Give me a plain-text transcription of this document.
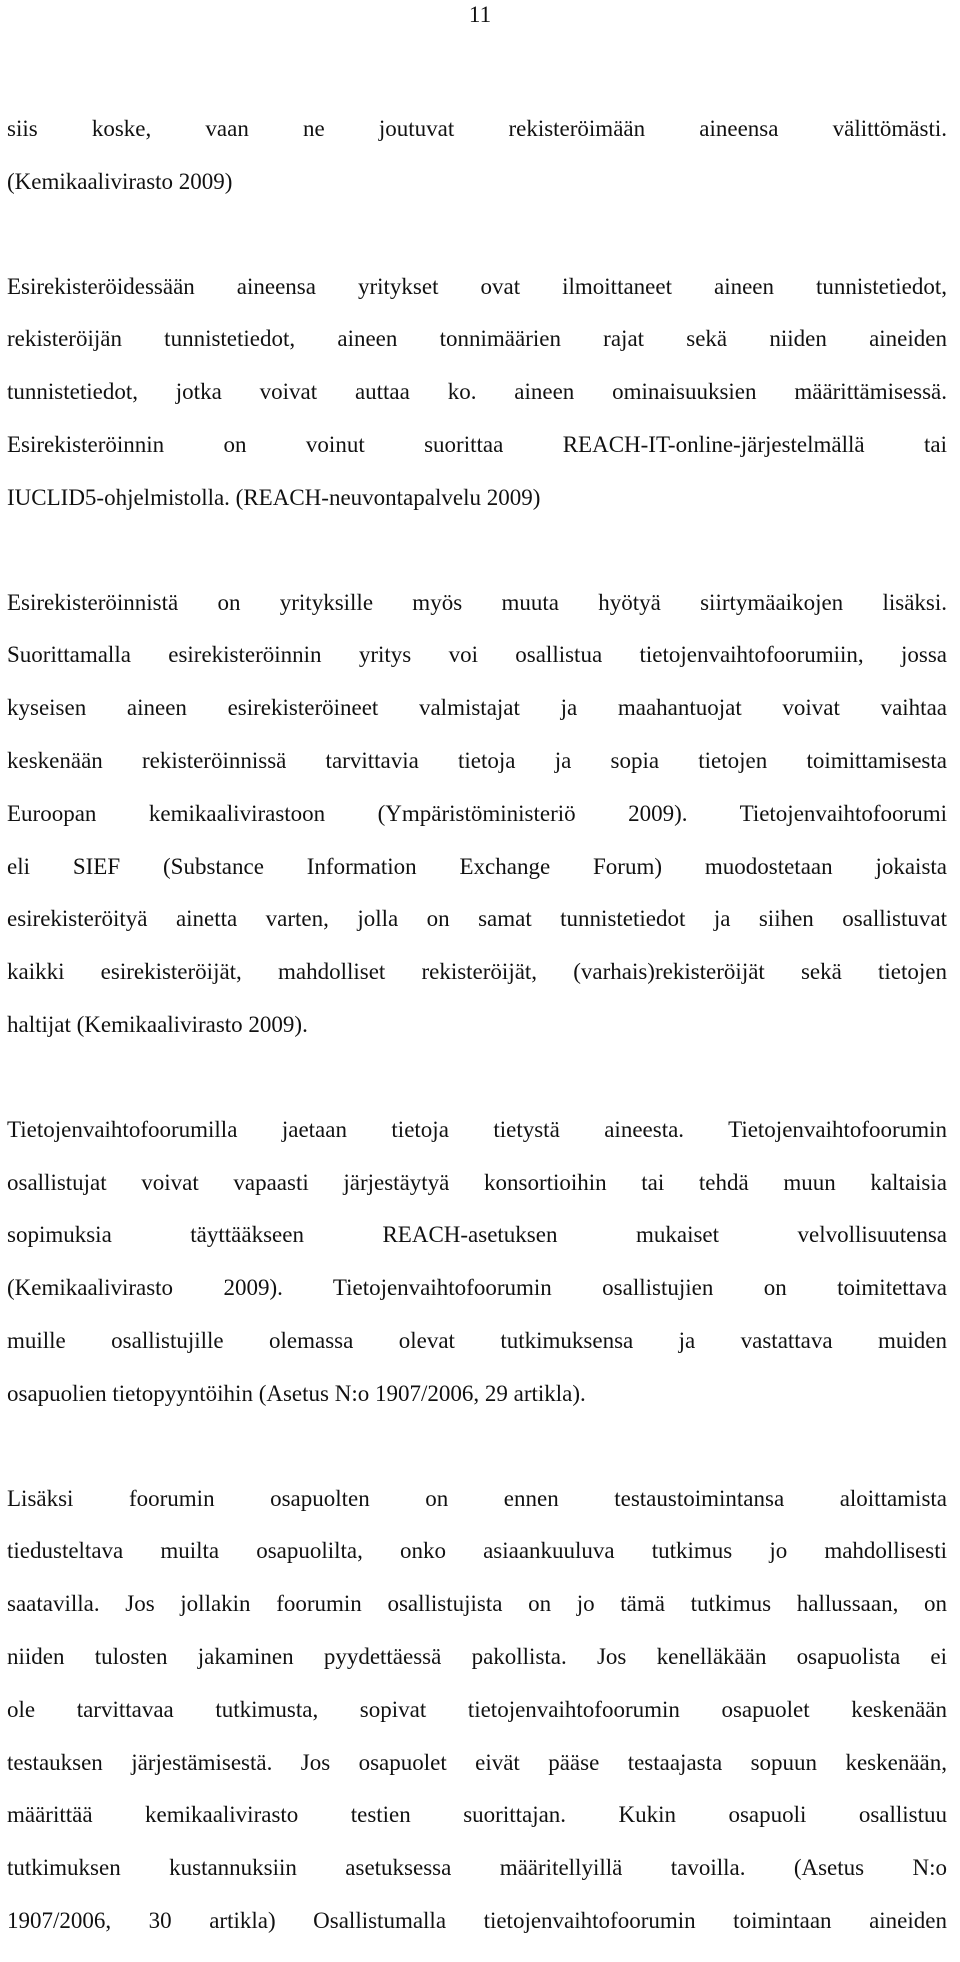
11
siis koske, vaan ne joutuvat rekisteröimään aineensa välittömästi.
(Kemikaalivirasto 2009)
Esirekisteröidessään aineensa yritykset ovat ilmoittaneet aineen tunnistetiedot,
rekisteröijän tunnistetiedot, aineen tonnimäärien rajat sekä niiden aineiden
tunnistetiedot, jotka voivat auttaa ko. aineen ominaisuuksien määrittämisessä.
Esirekisteröinnin on voinut suorittaa REACH-IT-online-järjestelmällä tai
IUCLID5-ohjelmistolla. (REACH-neuvontapalvelu 2009)
Esirekisteröinnistä on yrityksille myös muuta hyötyä siirtymäaikojen lisäksi.
Suorittamalla esirekisteröinnin yritys voi osallistua tietojenvaihtofoorumiin, jossa
kyseisen aineen esirekisteröineet valmistajat ja maahantuojat voivat vaihtaa
keskenään rekisteröinnissä tarvittavia tietoja ja sopia tietojen toimittamisesta
Euroopan kemikaalivirastoon (Ympäristöministeriö 2009). Tietojenvaihtofoorumi
eli SIEF (Substance Information Exchange Forum) muodostetaan jokaista
esirekisteröityä ainetta varten, jolla on samat tunnistetiedot ja siihen osallistuvat
kaikki esirekisteröijät, mahdolliset rekisteröijät, (varhais)rekisteröijät sekä tietojen
haltijat (Kemikaalivirasto 2009).
Tietojenvaihtofoorumilla jaetaan tietoja tietystä aineesta. Tietojenvaihtofoorumin
osallistujat voivat vapaasti järjestäytyä konsortioihin tai tehdä muun kaltaisia
sopimuksia täyttääkseen REACH-asetuksen mukaiset velvollisuutensa
(Kemikaalivirasto 2009). Tietojenvaihtofoorumin osallistujien on toimitettava
muille osallistujille olemassa olevat tutkimuksensa ja vastattava muiden
osapuolien tietopyyntöihin (Asetus N:o 1907/2006, 29 artikla).
Lisäksi foorumin osapuolten on ennen testaustoimintansa aloittamista
tiedusteltava muilta osapuolilta, onko asiaankuuluva tutkimus jo mahdollisesti
saatavilla. Jos jollakin foorumin osallistujista on jo tämä tutkimus hallussaan, on
niiden tulosten jakaminen pyydettäessä pakollista. Jos kenelläkään osapuolista ei
ole tarvittavaa tutkimusta, sopivat tietojenvaihtofoorumin osapuolet keskenään
testauksen järjestämisestä. Jos osapuolet eivät pääse testaajasta sopuun keskenään,
määrittää kemikaalivirasto testien suorittajan. Kukin osapuoli osallistuu
tutkimuksen kustannuksiin asetuksessa määritellyillä tavoilla. (Asetus N:o
1907/2006, 30 artikla) Osallistumalla tietojenvaihtofoorumin toimintaan aineiden
